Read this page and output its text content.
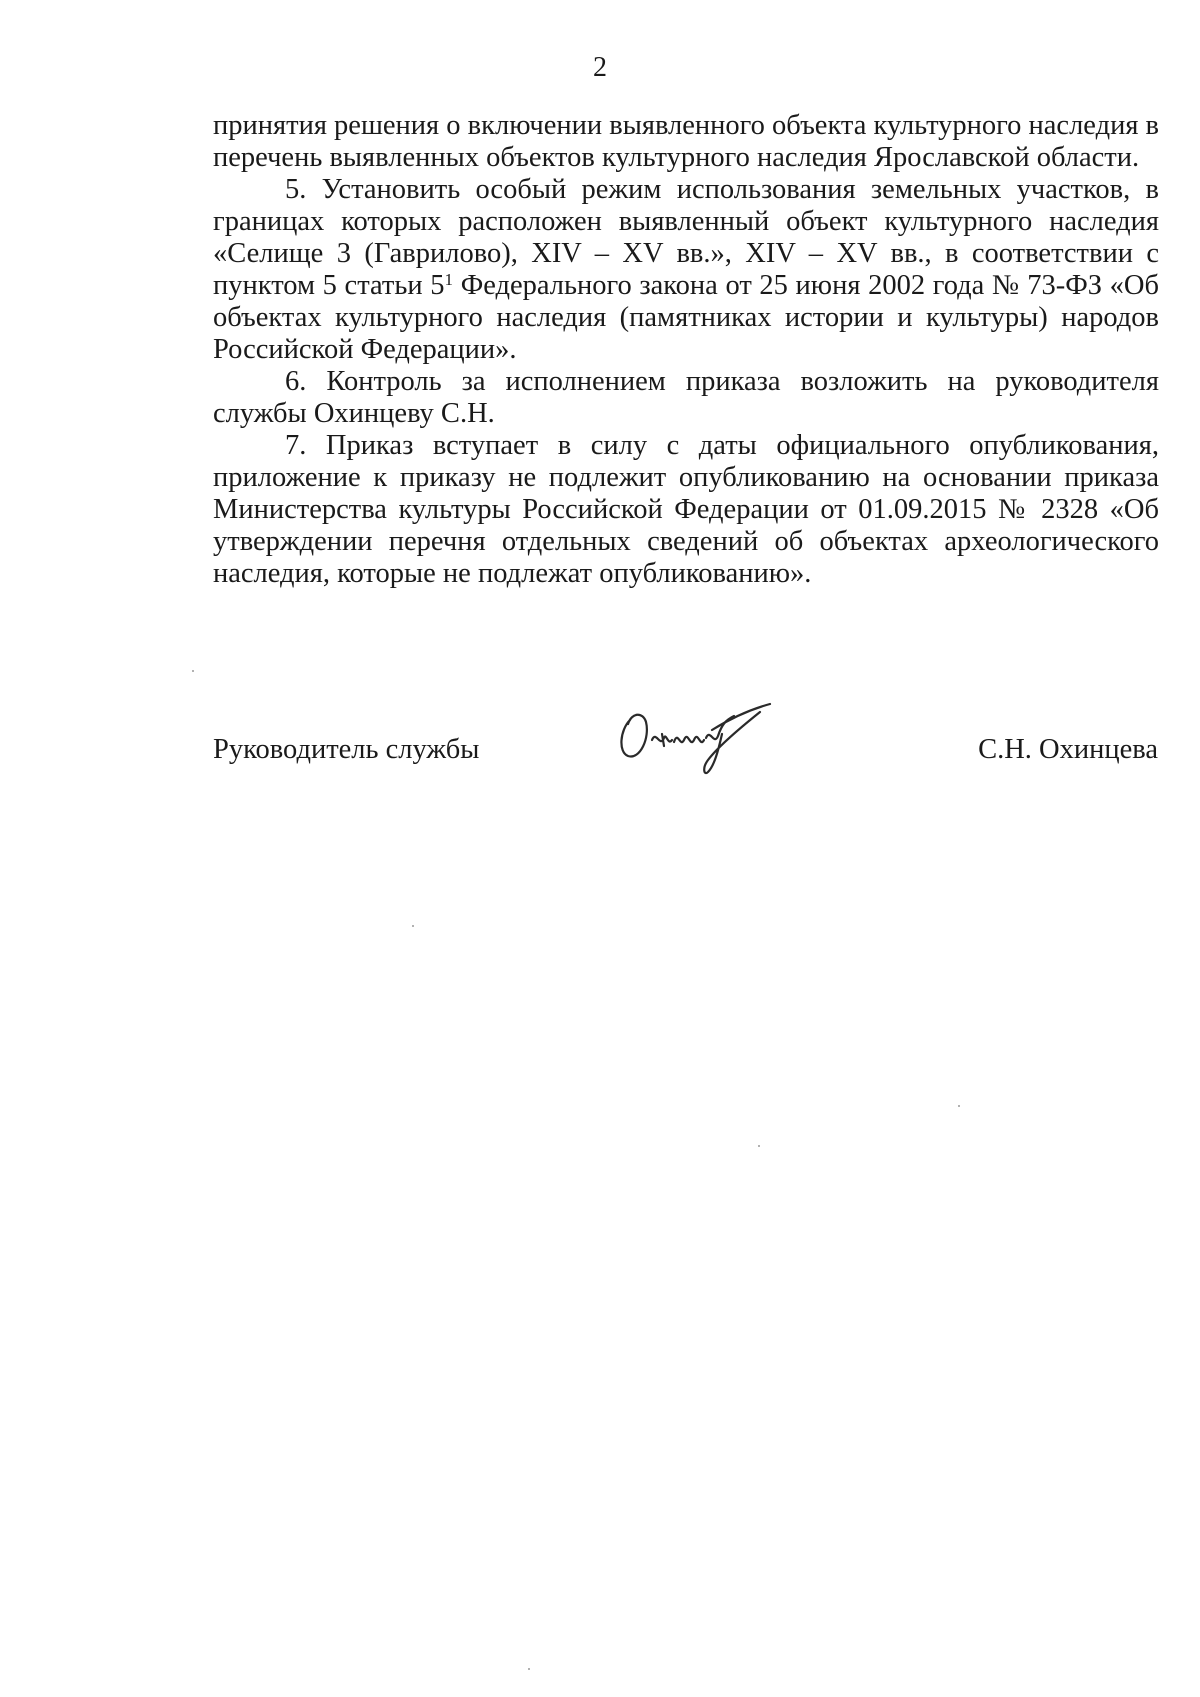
2

принятия решения о включении выявленного объекта культурного наследия в перечень выявленных объектов культурного наследия Ярославской области.

5. Установить особый режим использования земельных участков, в границах которых расположен выявленный объект культурного наследия «Селище 3 (Гаврилово), XIV – XV вв.», XIV – XV вв., в соответствии с пунктом 5 статьи $5^1$ Федерального закона от 25 июня 2002 года № 73-ФЗ «Об объектах культурного наследия (памятниках истории и культуры) народов Российской Федерации».

6. Контроль за исполнением приказа возложить на руководителя службы Охинцеву С.Н.

7. Приказ вступает в силу с даты официального опубликования, приложение к приказу не подлежит опубликованию на основании приказа Министерства культуры Российской Федерации от 01.09.2015 № 2328 «Об утверждении перечня отдельных сведений об объектах археологического наследия, которые не подлежат опубликованию».

Руководитель службы	С.Н. Охинцева
